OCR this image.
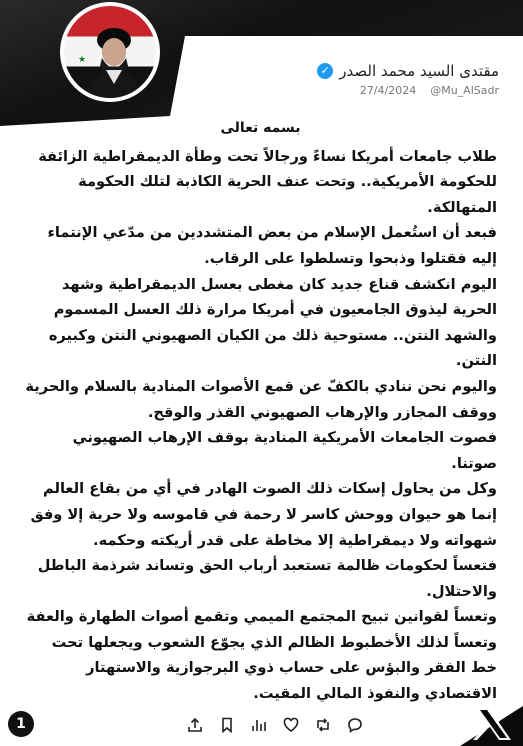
★
مقتدى السيد محمد الصدر
✓
27/4/2024 @Mu_AlSadr

بسمه تعالى

طلاب جامعات أمريكا نساءً ورجالاً تحت وطأة الديمقراطية الزائفة للحكومة الأمريكية.. وتحت عنف الحرية الكاذبة لتلك الحكومة المتهالكة.

فبعد أن استُعمل الإسلام من بعض المتشددين من مدّعي الإنتماء إليه فقتلوا وذبحوا وتسلطوا على الرقاب.

اليوم انكشف قناع جديد كان مغطى بعسل الديمقراطية وشهد الحرية ليذوق الجامعيون في أمريكا مرارة ذلك العسل المسموم والشهد النتن.. مستوحية ذلك من الكيان الصهيوني النتن وكبيره النتن.

واليوم نحن ننادي بالكفّ عن قمع الأصوات المنادية بالسلام والحرية ووقف المجازر والإرهاب الصهيوني القذر والوقح.

فصوت الجامعات الأمريكية المنادية بوقف الإرهاب الصهيوني صوتنا.

وكل من يحاول إسكات ذلك الصوت الهادر في أي من بقاع العالم إنما هو حيوان ووحش كاسر لا رحمة في قاموسه ولا حرية إلا وفق شهواته ولا ديمقراطية إلا مخاطة على قدر أريكته وحكمه.

فتعساً لحكومات ظالمة تستعبد أرباب الحق وتساند شرذمة الباطل والاحتلال.

وتعساً لقوانين تبيح المجتمع الميمي وتقمع أصوات الطهارة والعفة وتعساً لذلك الأخطبوط الظالم الذي يجوّع الشعوب ويجعلها تحت خط الفقر والبؤس على حساب ذوي البرجوازية والاستهتار الاقتصادي والنفوذ المالي المقيت.

1
